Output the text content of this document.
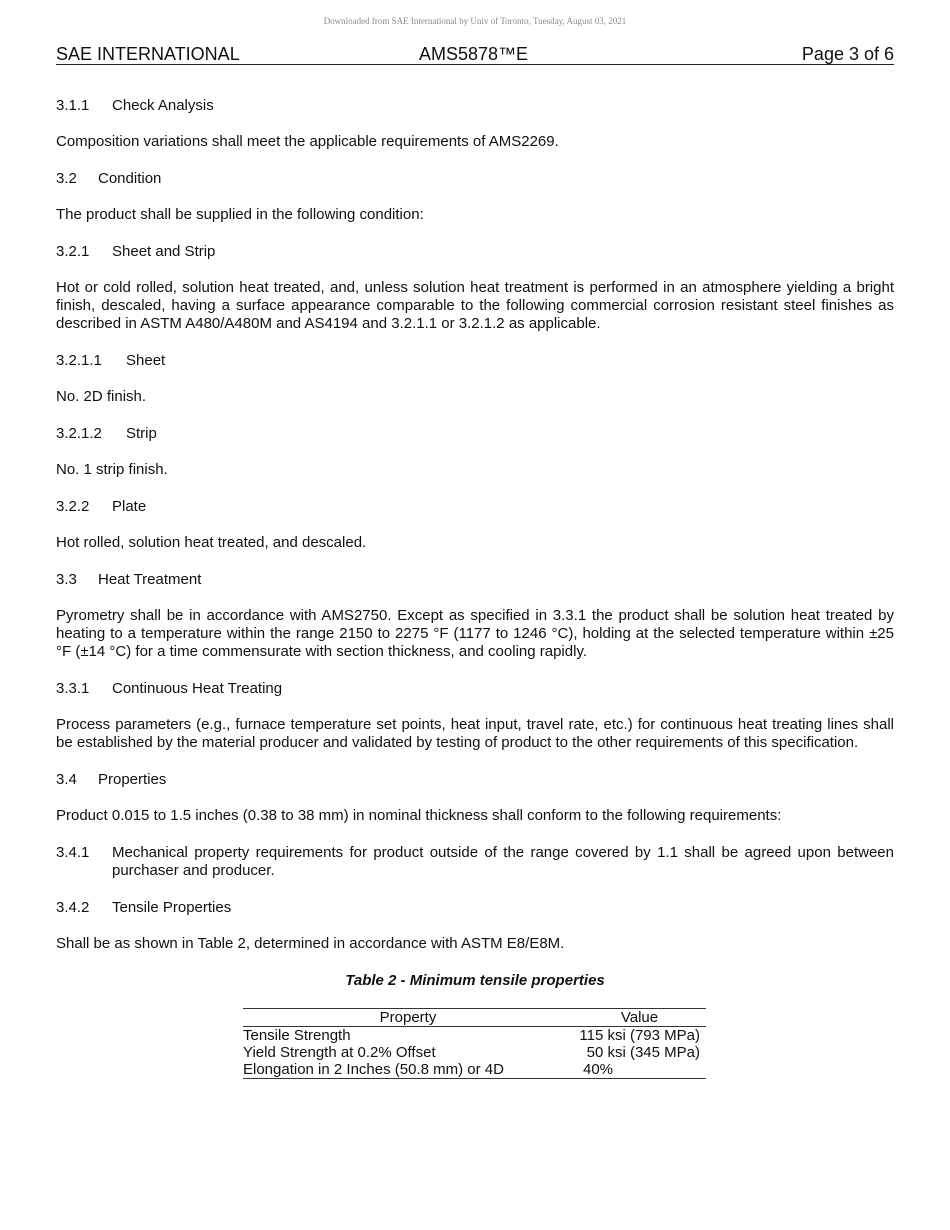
Downloaded from SAE International by Univ of Toronto, Tuesday, August 03, 2021
SAE INTERNATIONAL	AMS5878™E	Page 3 of 6
3.1.1	Check Analysis

Composition variations shall meet the applicable requirements of AMS2269.

3.2	Condition

The product shall be supplied in the following condition:

3.2.1	Sheet and Strip

Hot or cold rolled, solution heat treated, and, unless solution heat treatment is performed in an atmosphere yielding a bright finish, descaled, having a surface appearance comparable to the following commercial corrosion resistant steel finishes as described in ASTM A480/A480M and AS4194 and 3.2.1.1 or 3.2.1.2 as applicable.

3.2.1.1	Sheet

No. 2D finish.

3.2.1.2	Strip

No. 1 strip finish.

3.2.2	Plate

Hot rolled, solution heat treated, and descaled.

3.3	Heat Treatment

Pyrometry shall be in accordance with AMS2750. Except as specified in 3.3.1 the product shall be solution heat treated by heating to a temperature within the range 2150 to 2275 °F (1177 to 1246 °C), holding at the selected temperature within ±25 °F (±14 °C) for a time commensurate with section thickness, and cooling rapidly.

3.3.1	Continuous Heat Treating

Process parameters (e.g., furnace temperature set points, heat input, travel rate, etc.) for continuous heat treating lines shall be established by the material producer and validated by testing of product to the other requirements of this specification.

3.4	Properties

Product 0.015 to 1.5 inches (0.38 to 38 mm) in nominal thickness shall conform to the following requirements:

3.4.1	Mechanical property requirements for product outside of the range covered by 1.1 shall be agreed upon between purchaser and producer.
3.4.2	Tensile Properties

Shall be as shown in Table 2, determined in accordance with ASTM E8/E8M.

Table 2 - Minimum tensile properties

Property	Value
Tensile Strength	115 ksi (793 MPa)
Yield Strength at 0.2% Offset	50 ksi (345 MPa)
Elongation in 2 Inches (50.8 mm) or 4D	40%
